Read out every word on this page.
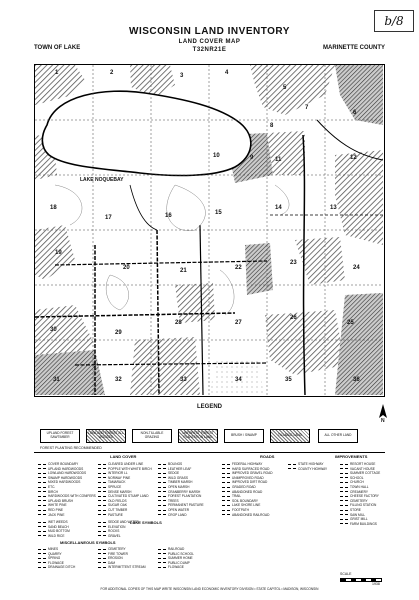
b/8
WISCONSIN LAND INVENTORY
LAND COVER MAP
T32NR21E
TOWN OF LAKE	MARINETTE COUNTY
LAKE NOQUEBAY
1	2	3	4
5
6
7
8
9
10
11	12
13
14
15
16
17
18
19
20	21	22
23
24
25
26
27
28
29
30
31	32	33	34	35	36
LEGEND
N
UPLAND FOREST SAWTIMBER
LOWLAND FOREST ALL WOODED
NON-TILLABLE GRAZING
UNFOREST FOREST PLANTATION LAND	BRUSH / SWAMP	TILLABLE LAND	ALL OTHER LAND
FOREST PLANTING RECOMMENDED
LAND COVER	ROADS	IMPROVEMENTS
COVER BOUNDARY
UPLAND HARDWOODS
LOWLAND HARDWOODS
SWAMP HARDWOODS
MIXED HARDWOODS
ETC.
BIRCH
HARDWOODS WITH CONIFERS
UPLAND BRUSH
WHITE PINE
RED PINE
JACK PINE
CLEARED UNDER LINE
POPPLE WITH WHITE BIRCH
INTERIOR LL
NORWAY PINE
TAMARACK
SPRUCE
DENSE MARSH
CULTIVATED STUMP LAND
OLD FIELDS
SUGAR OAK
CUT TIMBER
PASTURE
BOLINGS
LEATHER LEAF
SEDGE
WILD GRASS
TIMBER MARSH
OPEN MARSH
CRANBERRY MARSH
FOREST PLANTATION
TREES
PERMANENT PASTURE
OPEN WATER
CROP LAND
FEDERAL HIGHWAY
HARD SURFACED ROAD
IMPROVED GRAVEL ROAD
UNIMPROVED ROAD
IMPROVED DIRT ROAD
GRADED ROAD
ABANDONED ROAD
TRAIL
SOIL BOUNDARY
LAKE SHORE LINE
FOOTPATH
ABANDONED RAILROAD
STATE HIGHWAY
COUNTY HIGHWAY
RESORT HOUSE
VACANT HOUSE
SUMMER COTTAGE
SCHOOL
CHURCH
TOWN HALL
CREAMERY
CHEESE FACTORY
CEMETERY
FILLING STATION
STORE
SAW MILL
GRIST MILL
FARM BUILDINGS
LAKE SYMBOLS
WET WEEDS
SAND BEACH
MUD BOTTOM
WILD RICE
SEDGE AND WATER
ELEVATION
ROCKS
GRAVEL
MISCELLANEOUS SYMBOLS
MINES
QUARRY
SPRING
FLOWAGE
DRAINAGE DITCH
CEMETERY
FIRE TOWER
EROSION
DAM
INTERMITTENT STREAM
RAILROAD
PUBLIC SCHOOL
SUMMER HOME
PUBLIC DUMP
FLOWAGE
SCALE
1938
FOR ADDITIONAL COPIES OF THIS MAP WRITE WISCONSIN LAND ECONOMIC INVENTORY DIVISION • STATE CAPITOL • MADISON, WISCONSIN
